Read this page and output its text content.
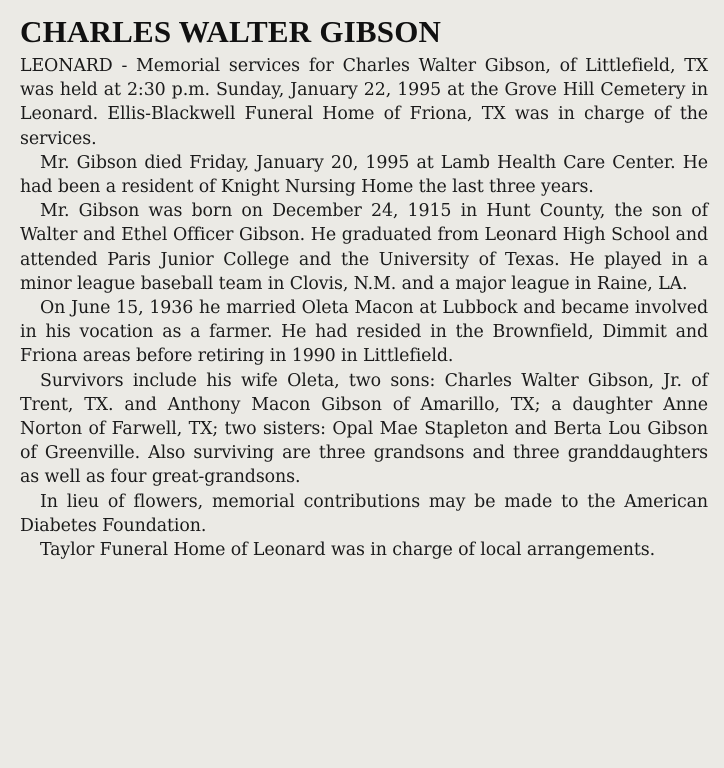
CHARLES WALTER GIBSON

LEONARD - Memorial services for Charles Walter Gibson, of Littlefield, TX was held at 2:30 p.m. Sunday, January 22, 1995 at the Grove Hill Cemetery in Leonard. Ellis-Blackwell Funeral Home of Friona, TX was in charge of the services.

Mr. Gibson died Friday, January 20, 1995 at Lamb Health Care Center. He had been a resident of Knight Nursing Home the last three years.

Mr. Gibson was born on December 24, 1915 in Hunt County, the son of Walter and Ethel Officer Gibson. He graduated from Leonard High School and attended Paris Junior College and the University of Texas. He played in a minor league baseball team in Clovis, N.M. and a major league in Raine, LA.

On June 15, 1936 he married Oleta Macon at Lubbock and became involved in his vocation as a farmer. He had resided in the Brownfield, Dimmit and Friona areas before retiring in 1990 in Littlefield.

Survivors include his wife Oleta, two sons: Charles Walter Gibson, Jr. of Trent, TX. and Anthony Macon Gibson of Amarillo, TX; a daughter Anne Norton of Farwell, TX; two sisters: Opal Mae Stapleton and Berta Lou Gibson of Greenville. Also surviving are three grandsons and three granddaughters as well as four great-grandsons.

In lieu of flowers, memorial contributions may be made to the American Diabetes Foundation.

Taylor Funeral Home of Leonard was in charge of local arrangements.
